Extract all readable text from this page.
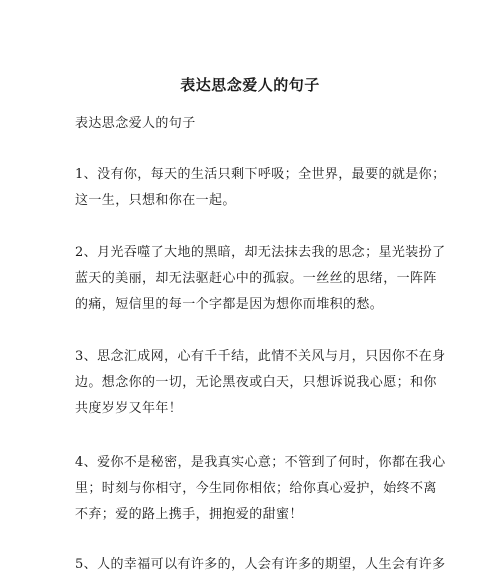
表达思念爱人的句子
表达思念爱人的句子
1、没有你，每天的生活只剩下呼吸；全世界，最要的就是你；
这一生，只想和你在一起。
2、月光吞噬了大地的黑暗，却无法抹去我的思念；星光装扮了
蓝天的美丽，却无法驱赶心中的孤寂。一丝丝的思绪，一阵阵
的痛，短信里的每一个字都是因为想你而堆积的愁。
3、思念汇成网，心有千千结，此情不关风与月，只因你不在身
边。想念你的一切，无论黑夜或白天，只想诉说我心愿；和你
共度岁岁又年年！
4、爱你不是秘密，是我真实心意；不管到了何时，你都在我心
里；时刻与你相守，今生同你相依；给你真心爱护，始终不离
不弃；爱的路上携手，拥抱爱的甜蜜！
5、人的幸福可以有许多的，人会有许多的期望，人生会有许多
